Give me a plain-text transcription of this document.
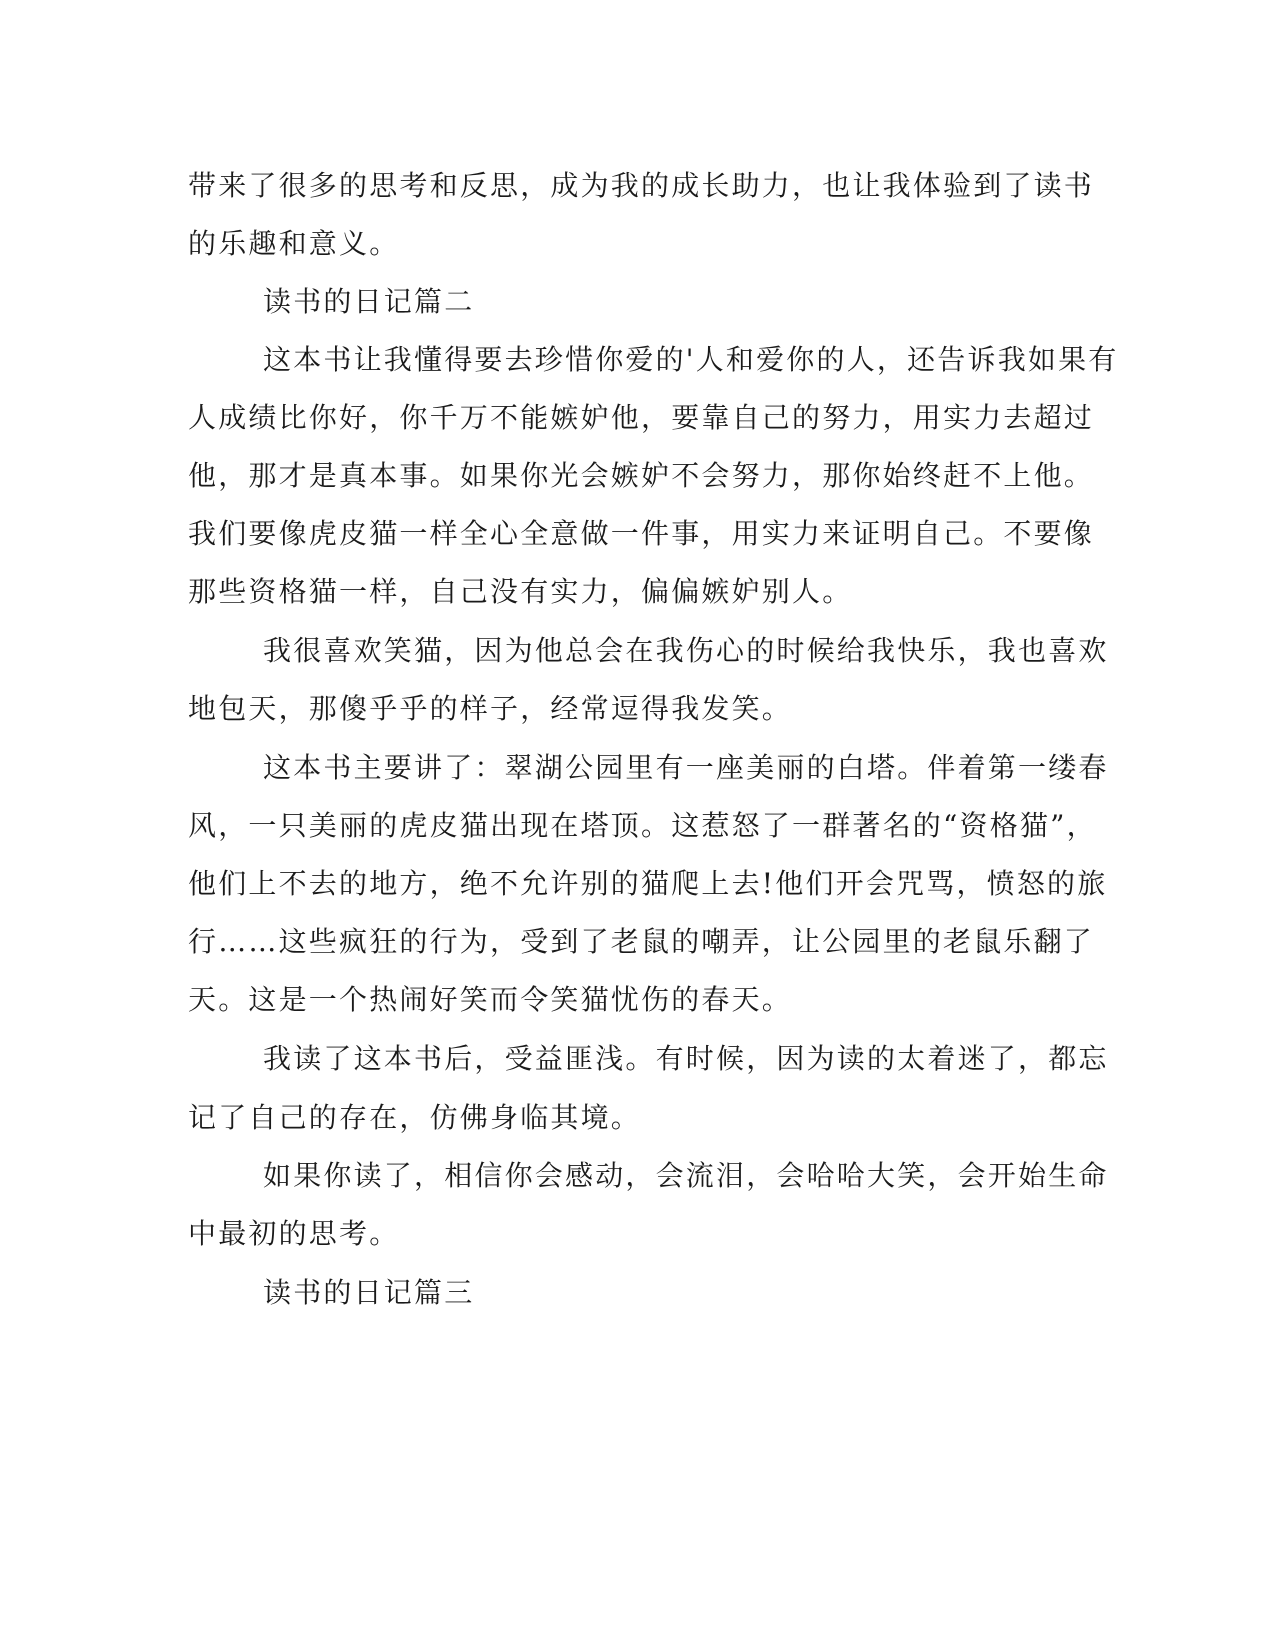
带来了很多的思考和反思，成为我的成长助力，也让我体验到了读书
的乐趣和意义。
读书的日记篇二
这本书让我懂得要去珍惜你爱的'人和爱你的人，还告诉我如果有
人成绩比你好，你千万不能嫉妒他，要靠自己的努力，用实力去超过
他，那才是真本事。如果你光会嫉妒不会努力，那你始终赶不上他。
我们要像虎皮猫一样全心全意做一件事，用实力来证明自己。不要像
那些资格猫一样，自己没有实力，偏偏嫉妒别人。
我很喜欢笑猫，因为他总会在我伤心的时候给我快乐，我也喜欢
地包天，那傻乎乎的样子，经常逗得我发笑。
这本书主要讲了：翠湖公园里有一座美丽的白塔。伴着第一缕春
风，一只美丽的虎皮猫出现在塔顶。这惹怒了一群著名的“资格猫”，
他们上不去的地方，绝不允许别的猫爬上去!他们开会咒骂，愤怒的旅
行……这些疯狂的行为，受到了老鼠的嘲弄，让公园里的老鼠乐翻了
天。这是一个热闹好笑而令笑猫忧伤的春天。
我读了这本书后，受益匪浅。有时候，因为读的太着迷了，都忘
记了自己的存在，仿佛身临其境。
如果你读了，相信你会感动，会流泪，会哈哈大笑，会开始生命
中最初的思考。
读书的日记篇三
